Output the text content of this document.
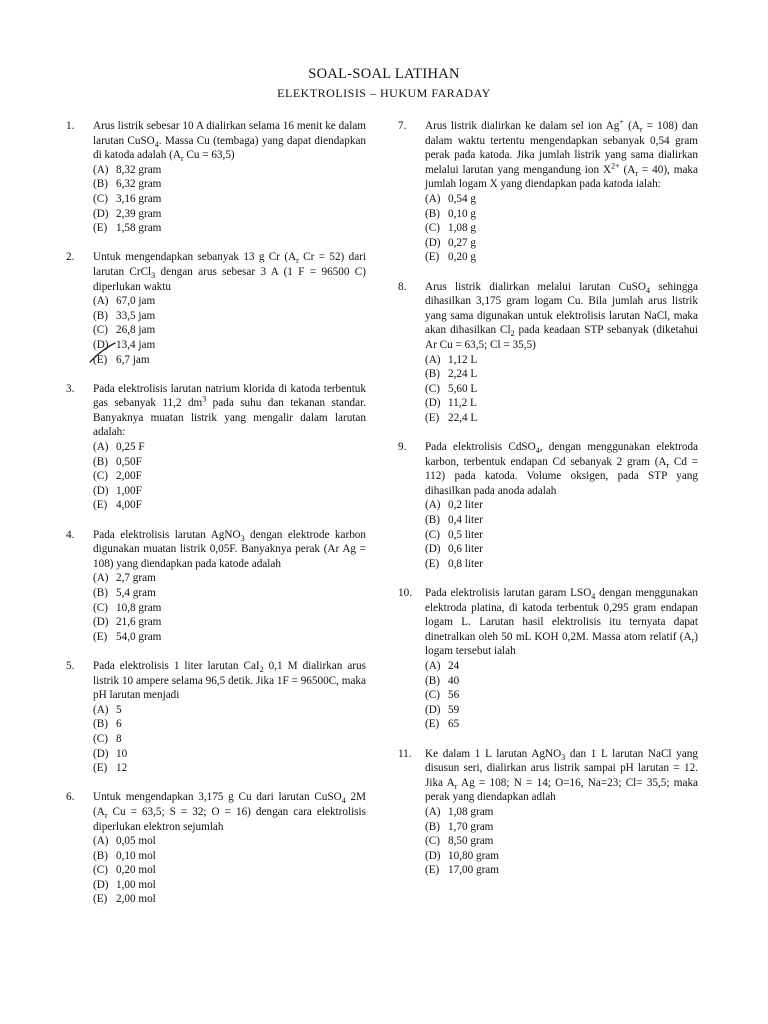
SOAL-SOAL LATIHAN
ELEKTROLISIS – HUKUM FARADAY
1. Arus listrik sebesar 10 A dialirkan selama 16 menit ke dalam larutan CuSO$_4$. Massa Cu (tembaga) yang dapat diendapkan di katoda adalah ($A_r$ Cu = 63,5)
(A) 8,32 gram
(B) 6,32 gram
(C) 3,16 gram
(D) 2,39 gram
(E) 1,58 gram
2. Untuk mengendapkan sebanyak 13 g Cr ($A_r$ Cr = 52) dari larutan CrCl$_3$ dengan arus sebesar 3 A (1 F = 96500 C) diperlukan waktu
(A) 67,0 jam
(B) 33,5 jam
(C) 26,8 jam
(D) 13,4 jam
(E) 6,7 jam
3. Pada elektrolisis larutan natrium klorida di katoda terbentuk gas sebanyak 11,2 $dm^3$ pada suhu dan tekanan standar. Banyaknya muatan listrik yang mengalir dalam larutan adalah:
(A) 0,25 F
(B) 0,50F
(C) 2,00F
(D) 1,00F
(E) 4,00F
4. Pada elektrolisis larutan AgNO$_3$ dengan elektrode karbon digunakan muatan listrik 0,05F. Banyaknya perak (Ar Ag = 108) yang diendapkan pada katode adalah
(A) 2,7 gram
(B) 5,4 gram
(C) 10,8 gram
(D) 21,6 gram
(E) 54,0 gram
5. Pada elektrolisis 1 liter larutan CaI$_2$ 0,1 M dialirkan arus listrik 10 ampere selama 96,5 detik. Jika 1F = 96500C, maka pH larutan menjadi
(A) 5
(B) 6
(C) 8
(D) 10
(E) 12
6. Untuk mengendapkan 3,175 g Cu dari larutan CuSO$_4$ 2M ($A_r$ Cu = 63,5; S = 32; O = 16) dengan cara elektrolisis diperlukan elektron sejumlah
(A) 0,05 mol
(B) 0,10 mol
(C) 0,20 mol
(D) 1,00 mol
(E) 2,00 mol
7. Arus listrik dialirkan ke dalam sel ion Ag+ $(A_r = 108)$ dan dalam waktu tertentu mengendapkan sebanyak 0,54 gram perak pada katoda. Jika jumlah listrik yang sama dialirkan melalui larutan yang mengandung ion $X^{2+}$ $(A_r = 40)$, maka jumlah logam X yang diendapkan pada katoda ialah:
(A) 0,54 g
(B) 0,10 g
(C) 1,08 g
(D) 0,27 g
(E) 0,20 g
8. Arus listrik dialirkan melalui larutan CuSO$_4$ sehingga dihasilkan 3,175 gram logam Cu. Bila jumlah arus listrik yang sama digunakan untuk elektrolisis larutan NaCl, maka akan dihasilkan $Cl_2$ pada keadaan STP sebanyak (diketahui Ar Cu = 63,5; Cl = 35,5)
(A) 1,12 L
(B) 2,24 L
(C) 5,60 L
(D) 11,2 L
(E) 22,4 L
9. Pada elektrolisis CdSO$_4$, dengan menggunakan elektroda karbon, terbentuk endapan Cd sebanyak 2 gram ($A_r$ Cd = 112) pada katoda. Volume oksigen, pada STP yang dihasilkan pada anoda adalah
(A) 0,2 liter
(B) 0,4 liter
(C) 0,5 liter
(D) 0,6 liter
(E) 0,8 liter
10. Pada elektrolisis larutan garam $LSO_4$ dengan menggunakan elektroda platina, di katoda terbentuk 0,295 gram endapan logam L. Larutan hasil elektrolisis itu ternyata dapat dinetralkan oleh 50 mL KOH 0,2M. Massa atom relatif $(A_r)$ logam tersebut ialah
(A) 24
(B) 40
(C) 56
(D) 59
(E) 65
11. Ke dalam 1 L larutan AgNO$_3$ dan 1 L larutan NaCl yang disusun seri, dialirkan arus listrik sampai pH larutan = 12. Jika $A_r$ Ag = 108; N = 14; O=16, Na=23; Cl= 35,5; maka perak yang diendapkan adlah
(A) 1,08 gram
(B) 1,70 gram
(C) 8,50 gram
(D) 10,80 gram
(E) 17,00 gram
